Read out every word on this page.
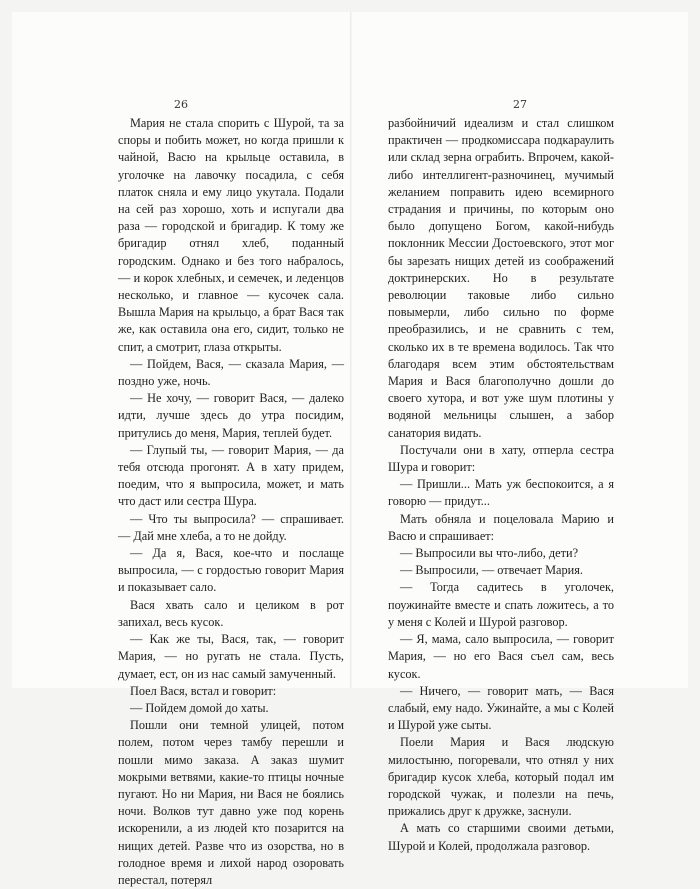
26

Мария не стала спорить с Шурой, та за споры и побить может, но когда пришли к чайной, Васю на крыльце оставила, в уголочке на лавочку посадила, с себя платок сняла и ему лицо укутала. Подали на сей раз хорошо, хоть и испугали два раза — городской и бригадир. К тому же бригадир отнял хлеб, поданный городским. Однако и без того набралось, — и корок хлебных, и семечек, и леденцов несколько, и главное — кусочек сала. Вышла Мария на крыльцо, а брат Вася так же, как оставила она его, сидит, только не спит, а смотрит, глаза открыты.

— Пойдем, Вася, — сказала Мария, — поздно уже, ночь.

— Не хочу, — говорит Вася, — далеко идти, лучше здесь до утра посидим, притулись до меня, Мария, теплей будет.

— Глупый ты, — говорит Мария, — да тебя отсюда прогонят. А в хату придем, поедим, что я выпросила, может, и мать что даст или сестра Шура.

— Что ты выпросила? — спрашивает. — Дай мне хлеба, а то не дойду.

— Да я, Вася, кое-что и послаще выпросила, — с гордостью говорит Мария и показывает сало.

Вася хвать сало и целиком в рот запихал, весь кусок.

— Как же ты, Вася, так, — говорит Мария, — но ругать не стала. Пусть, думает, ест, он из нас самый замученный.

Поел Вася, встал и говорит:

— Пойдем домой до хаты.

Пошли они темной улицей, потом полем, потом через тамбу перешли и пошли мимо заказа. А заказ шумит мокрыми ветвями, какие-то птицы ночные пугают. Но ни Мария, ни Вася не боялись ночи. Волков тут давно уже под корень искоренили, а из людей кто позарится на нищих детей. Разве что из озорства, но в голодное время и лихой народ озоровать перестал, потерял

27

разбойничий идеализм и стал слишком практичен — продкомиссара подкараулить или склад зерна ограбить. Впрочем, какой-либо интеллигент-разночинец, мучимый желанием поправить идею всемирного страдания и причины, по которым оно было допущено Богом, какой-нибудь поклонник Мессии Достоевского, этот мог бы зарезать нищих детей из соображений доктринерских. Но в результате революции таковые либо сильно повымерли, либо сильно по форме преобразились, и не сравнить с тем, сколько их в те времена водилось. Так что благодаря всем этим обстоятельствам Мария и Вася благополучно дошли до своего хутора, и вот уже шум плотины у водяной мельницы слышен, а забор санатория видать.

Постучали они в хату, отперла сестра Шура и говорит:

— Пришли... Мать уж беспокоится, а я говорю — придут...

Мать обняла и поцеловала Марию и Васю и спрашивает:

— Выпросили вы что-либо, дети?

— Выпросили, — отвечает Мария.

— Тогда садитесь в уголочек, поужинайте вместе и спать ложитесь, а то у меня с Колей и Шурой разговор.

— Я, мама, сало выпросила, — говорит Мария, — но его Вася съел сам, весь кусок.

— Ничего, — говорит мать, — Вася слабый, ему надо. Ужинайте, а мы с Колей и Шурой уже сыты.

Поели Мария и Вася людскую милостыню, погоревали, что отнял у них бригадир кусок хлеба, который подал им городской чужак, и полезли на печь, прижались друг к дружке, заснули.

А мать со старшими своими детьми, Шурой и Колей, продолжала разговор.
